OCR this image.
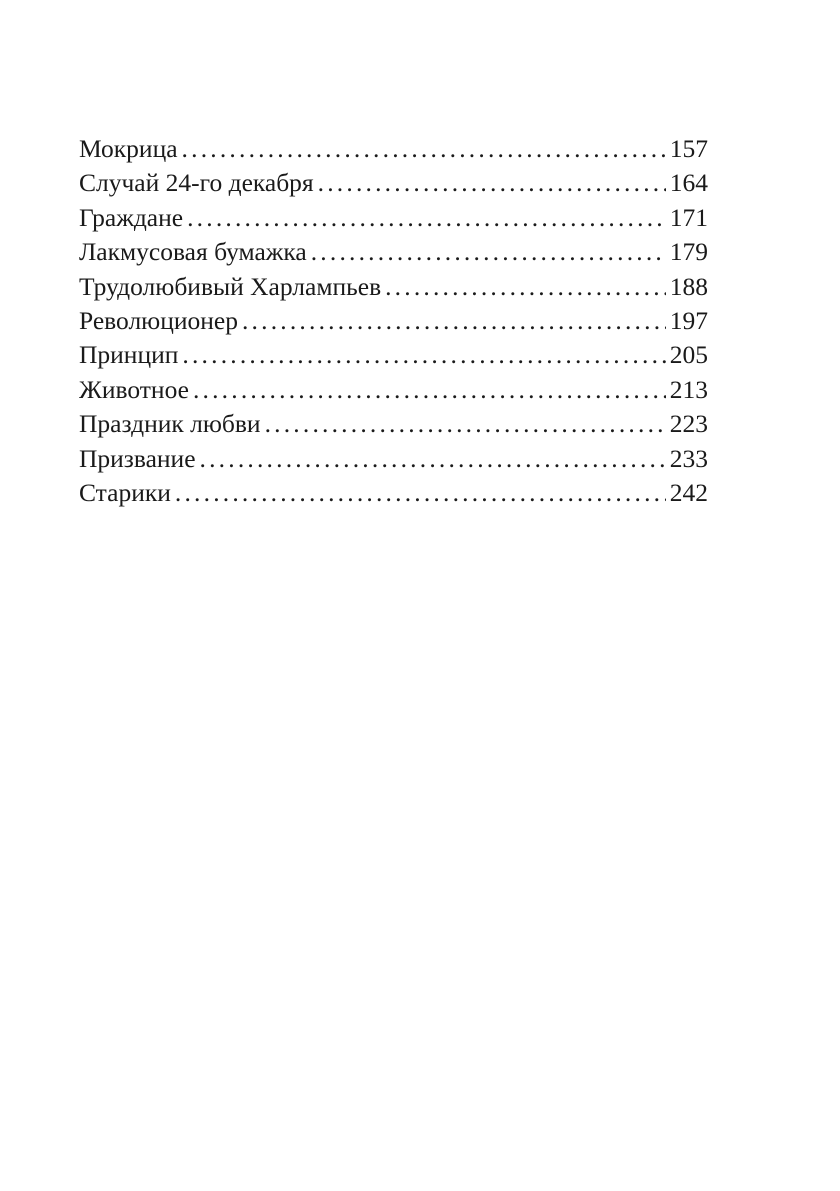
Мокрица .....	157
Случай 24-го декабря .....	164
Граждане .....	171
Лакмусовая бумажка .....	179
Трудолюбивый Харлампьев .....	188
Революционер .....	197
Принцип .....	205
Животное .....	213
Праздник любви .....	223
Призвание .....	233
Старики .....	242
